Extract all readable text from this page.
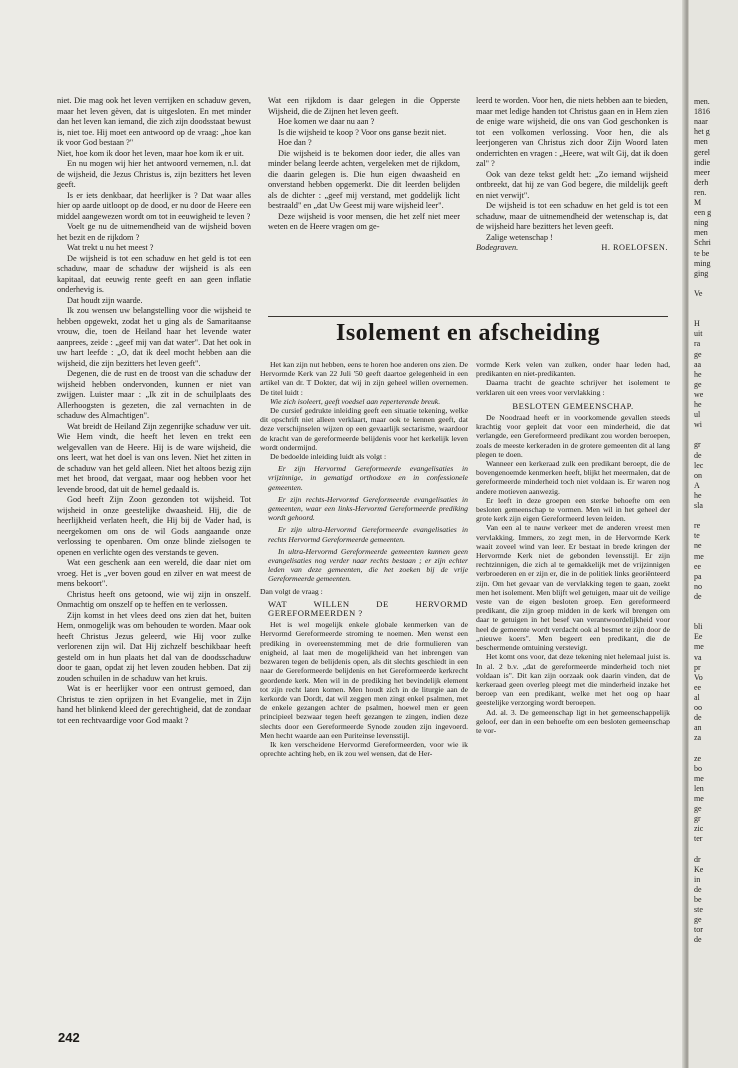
niet. Die mag ook het leven verrijken en schaduw geven, maar het leven gèven, dat is uitgesloten. En met minder dan het leven kan iemand, die zich zijn doodsstaat bewust is, niet toe. Hij moet een antwoord op de vraag: „hoe kan ik voor God bestaan ?"

Niet, hoe kom ik door het leven, maar hoe kom ik er uit.

En nu mogen wij hier het antwoord vernemen, n.l. dat de wijsheid, die Jezus Christus is, zijn bezitters het leven geeft.

Is er iets denkbaar, dat heerlijker is ? Dat waar alles hier op aarde uitloopt op de dood, er nu door de Heere een middel aangewezen wordt om tot in eeuwigheid te leven ?

Voelt ge nu de uitnemendheid van de wijsheid boven het bezit en de rijkdom ?

Wat trekt u nu het meest ?

De wijsheid is tot een schaduw en het geld is tot een schaduw, maar de schaduw der wijsheid is als een kapitaal, dat eeuwig rente geeft en aan geen inflatie onderhevig is.

Dat houdt zijn waarde.

Ik zou wensen uw belangstelling voor die wijsheid te hebben opgewekt, zodat het u ging als de Samaritaanse vrouw, die, toen de Heiland haar het levende water aanprees, zeide : „geef mij van dat water". Dat het ook in uw hart leefde : „O, dat ik deel mocht hebben aan die wijsheid, die zijn bezitters het leven geeft".

Degenen, die de rust en de troost van die schaduw der wijsheid hebben ondervonden, kunnen er niet van zwijgen. Luister maar : „Ik zit in de schuilplaats des Allerhoogsten is gezeten, die zal vernachten in de schaduw des Almachtigen".

Wat breidt de Heiland Zijn zegenrijke schaduw ver uit. Wie Hem vindt, die heeft het leven en trekt een welgevallen van de Heere. Hij is de ware wijsheid, die ons leert, wat het doel is van ons leven. Niet het zitten in de schaduw van het geld alleen. Niet het altoos bezig zijn met het brood, dat vergaat, maar oog hebben voor het levende brood, dat uit de hemel gedaald is.

God heeft Zijn Zoon gezonden tot wijsheid. Tot wijsheid in onze geestelijke dwaasheid. Hij, die de heerlijkheid verlaten heeft, die Hij bij de Vader had, is neergekomen om ons de wil Gods aangaande onze verlossing te openbaren. Om onze blinde zielsogen te openen en verlichte ogen des verstands te geven.

Wat een geschenk aan een wereld, die daar niet om vroeg. Het is „ver boven goud en zilver en wat meest de mens bekoort".

Christus heeft ons getoond, wie wij zijn in onszelf. Onmachtig om onszelf op te heffen en te verlossen.

Zijn komst in het vlees deed ons zien dat het, buiten Hem, onmogelijk was om behouden te worden. Maar ook heeft Christus Jezus geleerd, wie Hij voor zulke verlorenen zijn wil. Dat Hij zichzelf beschikbaar heeft gesteld om in hun plaats het dal van de doodsschaduw door te gaan, opdat zij het leven zouden hebben. Dat zij zouden schuilen in de schaduw van het kruis.

Wat is er heerlijker voor een ontrust gemoed, dan Christus te zien oprijzen in het Evangelie, met in Zijn hand het blinkend kleed der gerechtigheid, dat de zondaar tot een rechtvaardige voor God maakt ?

Wat een rijkdom is daar gelegen in die Opperste Wijsheid, die de Zijnen het leven geeft.

Hoe komen we daar nu aan ?

Is die wijsheid te koop ? Voor ons ganse bezit niet.

Hoe dan ?

Die wijsheid is te bekomen door ieder, die alles van minder belang leerde achten, vergeleken met de rijkdom, die daarin gelegen is. Die hun eigen dwaasheid en onverstand hebben opgemerkt. Die dit leerden belijden als de dichter : „geef mij verstand, met goddelijk licht bestraald" en „dat Uw Geest mij ware wijsheid leer".

Deze wijsheid is voor mensen, die het zelf niet meer weten en de Heere vragen om ge-

leerd te worden. Voor hen, die niets hebben aan te bieden, maar met ledige handen tot Christus gaan en in Hem zien de enige ware wijsheid, die ons van God geschonken is tot een volkomen verlossing. Voor hen, die als leerjongeren van Christus zich door Zijn Woord laten onderrichten en vragen : „Heere, wat wilt Gij, dat ik doen zal" ?

Ook van deze tekst geldt het: „Zo iemand wijsheid ontbreekt, dat hij ze van God begere, die mildelijk geeft en niet verwijt".

De wijsheid is tot een schaduw en het geld is tot een schaduw, maar de uitnemendheid der wetenschap is, dat de wijsheid hare bezitters het leven geeft.

Zalige wetenschap !

Bodegraven.	H. ROELOFSEN.
Isolement en afscheiding

Het kan zijn nut hebben, eens te horen hoe anderen ons zien. De Hervormde Kerk van 22 Juli '50 geeft daartoe gelegenheid in een artikel van dr. T Dokter, dat wij in zijn geheel willen overnemen. De titel luidt :

Wie zich isoleert, geeft voedsel aan reperterende breuk.

De cursief gedrukte inleiding geeft een situatie tekening, welke dit opschrift niet alleen verklaart, maar ook te kennen geeft, dat deze verschijnselen wijzen op een gevaarlijk sectarisme, waardoor de kracht van de gereformeerde belijdenis voor het kerkelijk leven wordt ondermijnd.

De bedoelde inleiding luidt als volgt :

Er zijn Hervormd Gereformeerde evangelisaties in vrijzinnige, in gematigd orthodoxe en in confessionele gemeenten.

Er zijn rechts-Hervormd Gereformeerde evangelisaties in gemeenten, waar een links-Hervormd Gereformeerde prediking wordt gehoord.

Er zijn ultra-Hervormd Gereformeerde evangelisaties in rechts Hervormd Gereformeerde gemeenten.

In ultra-Hervormd Gereformeerde gemeenten kunnen geen evangelisaties nog verder naar rechts bestaan ; er zijn echter leden van deze gemeenten, die het zoeken bij de vrije Gereformeerde gemeenten.

Dan volgt de vraag :

WAT WILLEN DE HERVORMD GEREFORMEERDEN ?

Het is wel mogelijk enkele globale kenmerken van de Hervormd Gereformeerde stroming te noemen. Men wenst een prediking in overeenstemming met de drie formulieren van enigheid, al laat men de mogelijkheid van het inbrengen van bezwaren tegen de belijdenis open, als dit slechts geschiedt in een naar de Gereformeerde belijdenis en het Gereformeerde kerkrecht geordende kerk. Men wil in de prediking het bevindelijk element tot zijn recht laten komen. Men houdt zich in de liturgie aan de kerkorde van Dordt, dat wil zeggen men zingt enkel psalmen, met de enkele gezangen achter de psalmen, hoewel men er geen principieel bezwaar tegen heeft gezangen te zingen, indien deze slechts door een Gereformeerde Synode zouden zijn ingevoerd. Men hecht waarde aan een Puriteinse levensstijl.

Ik ken verscheidene Hervormd Gereformeerden, voor wie ik oprechte achting heb, en ik zou wel wensen, dat de Her-

vormde Kerk velen van zulken, onder haar leden had, predikanten en niet-predikanten.

Daarna tracht de geachte schrijver het isolement te verklaren uit een vrees voor vervlakking :

BESLOTEN GEMEENSCHAP.

De Noodraad heeft er in voorkomende gevallen steeds krachtig voor gepleit dat voor een minderheid, die dat verlangde, een Gereformeerd predikant zou worden beroepen, zoals de meeste kerkeraden in de grotere gemeenten dit al lang plegen te doen.

Wanneer een kerkeraad zulk een predikant beroept, die de bovengenoemde kenmerken heeft, blijkt het meermalen, dat de gereformeerde minderheid toch niet voldaan is. Er waren nog andere motieven aanwezig.

Er leeft in deze groepen een sterke behoefte om een besloten gemeenschap te vormen. Men wil in het geheel der grote kerk zijn eigen Gereformeerd leven leiden.

Van een al te nauw verkeer met de anderen vreest men vervlakking. Immers, zo zegt men, in de Hervormde Kerk waait zoveel wind van leer. Er bestaat in brede kringen der Hervormde Kerk niet de gebonden levensstijl. Er zijn rechtzinnigen, die zich al te gemakkelijk met de vrijzinnigen verbroederen en er zijn er, die in de politiek links georiënteerd zijn. Om het gevaar van de vervlakking tegen te gaan, zoekt men het isolement. Men blijft wel getuigen, maar uit de veilige veste van de eigen besloten groep. Een gereformeerd predikant, die zijn groep midden in de kerk wil brengen om daar te getuigen in het besef van verantwoordelijkheid voor heel de gemeente wordt verdacht ook al besmet te zijn door de „nieuwe koers". Men begeert een predikant, die de beschermende omtuining verstevigt.

Het komt ons voor, dat deze tekening niet helemaal juist is. In al. 2 b.v. „dat de gereformeerde minderheid toch niet voldaan is". Dit kan zijn oorzaak ook daarin vinden, dat de kerkeraad geen overleg pleegt met die minderheid inzake het beroep van een predikant, welke met het oog op haar geestelijke verzorging wordt beroepen.

Ad. al. 3. De gemeenschap ligt in het gemeenschappelijk geloof, eer dan in een behoefte om een besloten gemeenschap te vor-

242
men.
1816
naar
het g
men
gerel
indie
meer
derh
ren.
M
een g
ning
men
Schri
te be
ming
ging
Ve
H
uit
ra
ge
aa
he
ge
we
he
ul
wi
gr
de
lec
on
A
he
sla
re
te
ne
me
ee
pa
no
de
bli
Ee
me
va
pr
Vo
ee
al
oo
de
an
za
ze
bo
me
len
me
ge
gr
zic
ter
dr
Ke
in
de
be
ste
ge
tor
de
